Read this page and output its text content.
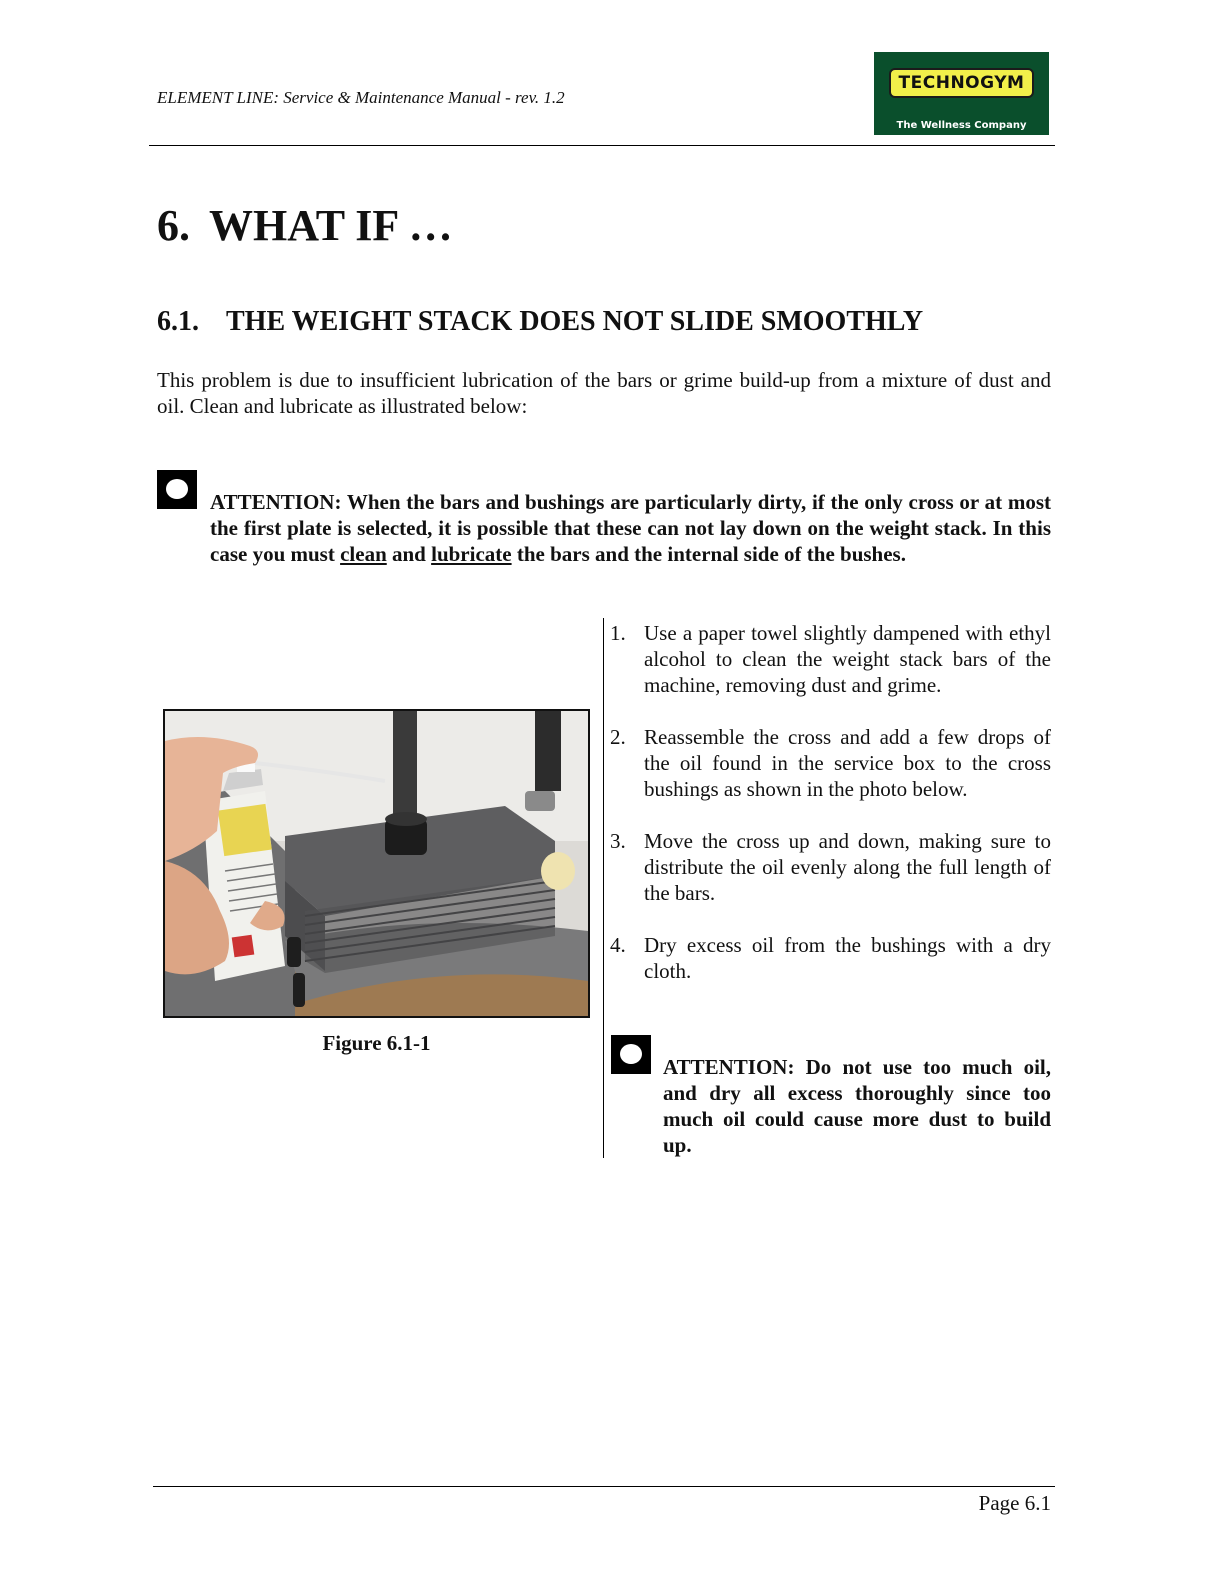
ELEMENT LINE: Service & Maintenance Manual - rev. 1.2
TECHNOGYM
The Wellness Company
6. WHAT IF …
6.1. THE WEIGHT STACK DOES NOT SLIDE SMOOTHLY
This problem is due to insufficient lubrication of the bars or grime build-up from a mixture of dust and oil. Clean and lubricate as illustrated below:
ATTENTION: When the bars and bushings are particularly dirty, if the only cross or at most the first plate is selected, it is possible that these can not lay down on the weight stack. In this case you must clean and lubricate the bars and the internal side of the bushes.
Figure 6.1-1
1. Use a paper towel slightly dampened with ethyl alcohol to clean the weight stack bars of the machine, removing dust and grime.
2. Reassemble the cross and add a few drops of the oil found in the service box to the cross bushings as shown in the photo below.
3. Move the cross up and down, making sure to distribute the oil evenly along the full length of the bars.
4. Dry excess oil from the bushings with a dry cloth.
ATTENTION: Do not use too much oil, and dry all excess thoroughly since too much oil could cause more dust to build up.
Page 6.1
